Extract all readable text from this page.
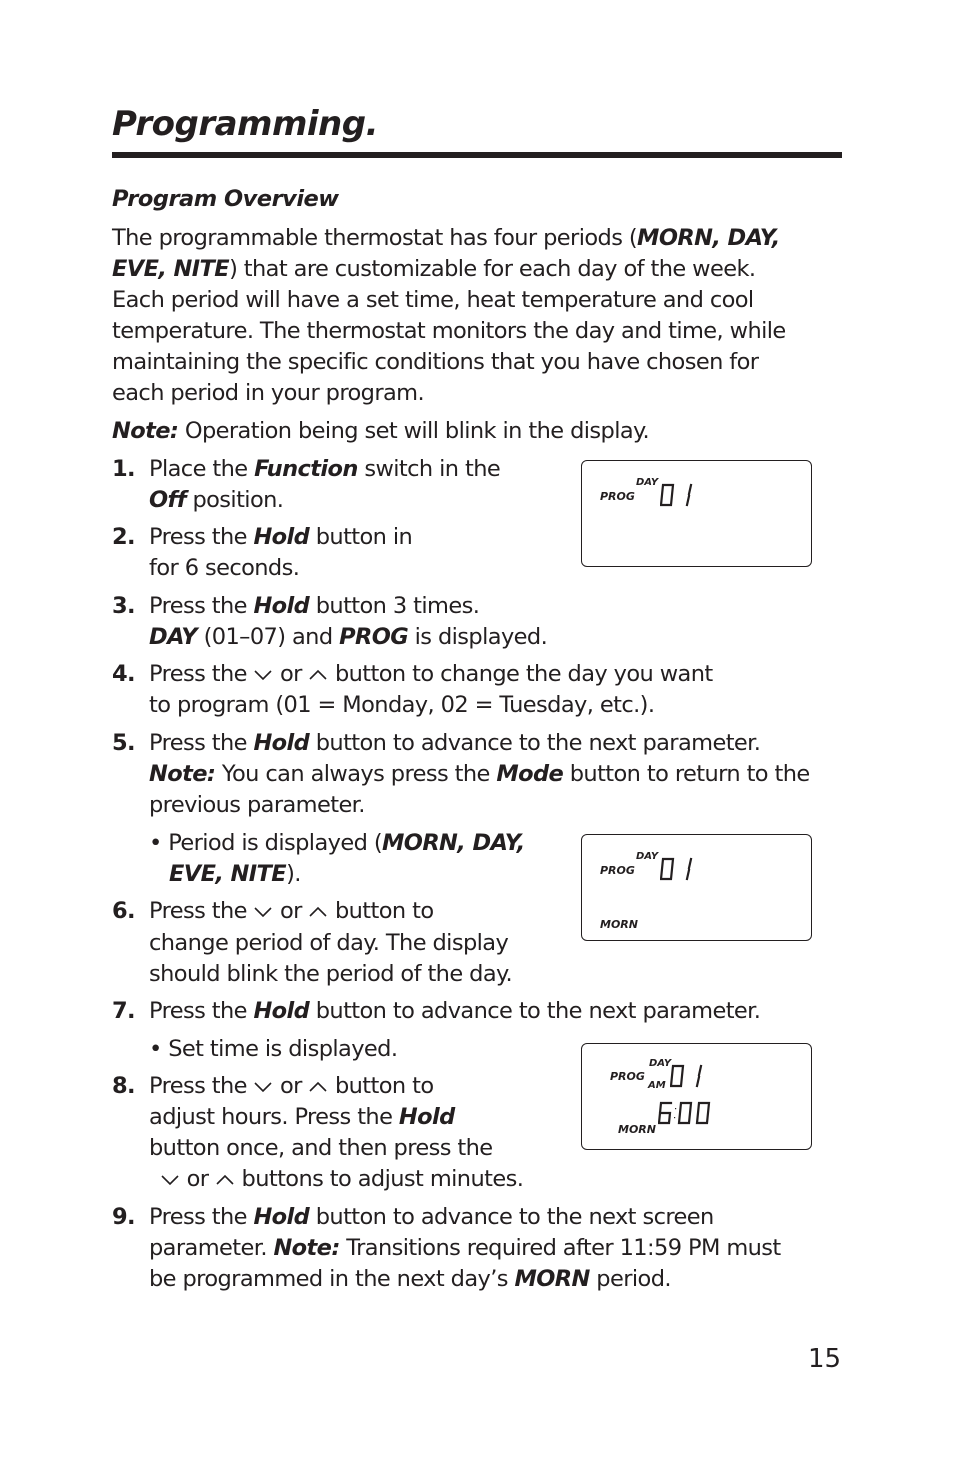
Programming.
Program Overview
The programmable thermostat has four periods (MORN, DAY,
EVE, NITE) that are customizable for each day of the week.
Each period will have a set time, heat temperature and cool
temperature. The thermostat monitors the day and time, while
maintaining the specific conditions that you have chosen for
each period in your program.
Note: Operation being set will blink in the display.
1. Place the Function switch in the
Off position.
2. Press the Hold button in
for 6 seconds.
3. Press the Hold button 3 times.
DAY (01–07) and PROG is displayed.
4. Press the  or button to change the day you want
to program (01 = Monday, 02 = Tuesday, etc.).
5. Press the Hold button to advance to the next parameter.
Note: You can always press the Mode button to return to the
previous parameter.
• Period is displayed (MORN, DAY,
EVE, NITE).
6. Press the  or button to
change period of day. The display
should blink the period of the day.
7. Press the Hold button to advance to the next parameter.
• Set time is displayed.
8. Press the  or button to
adjust hours. Press the Hold
button once, and then press the
or buttons to adjust minutes.
9. Press the Hold button to advance to the next screen
parameter. Note: Transitions required after 11:59 PM must
be programmed in the next day’s MORN period.
PROG
DAY
PROG
DAY
MORN
PROG
DAY
AM
MORN
15
